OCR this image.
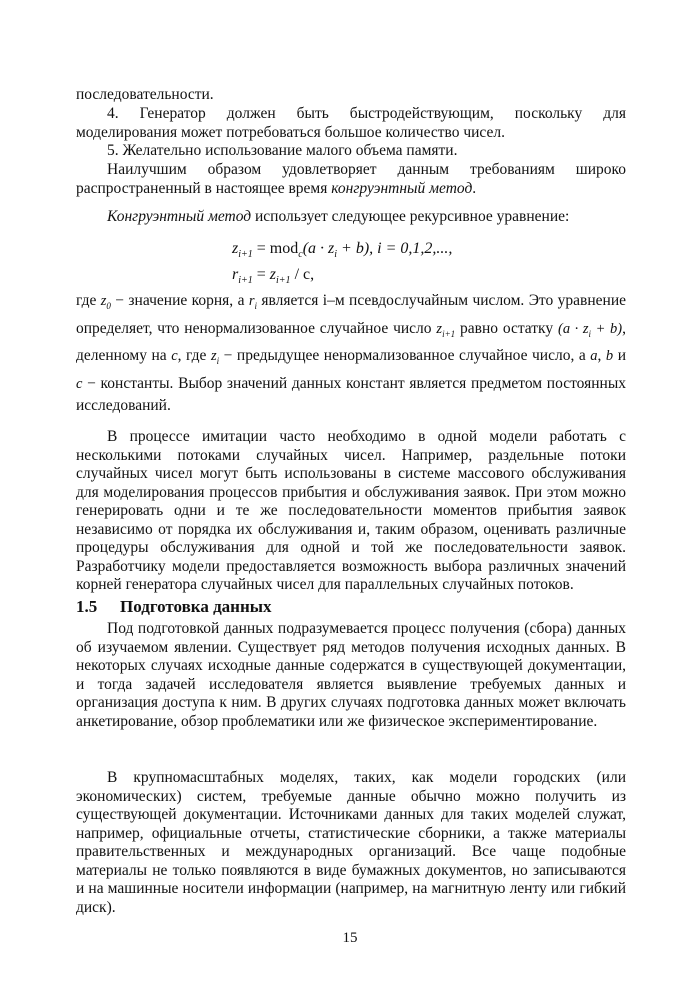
последовательности.

4. Генератор должен быть быстродействующим, поскольку для моделирования может потребоваться большое количество чисел.

5. Желательно использование малого объема памяти.

Наилучшим образом удовлетворяет данным требованиям широко распространенный в настоящее время конгруэнтный метод.

Конгруэнтный метод использует следующее рекурсивное уравнение:

$z_{i+1} = mod_c(a \cdot z_i + b)$, i = 0,1,2,...,
$r_{i+1} = z_{i+1} / c$,

где $z_0$ − значение корня, а $r_i$ является i–м псевдослучайным числом. Это уравнение определяет, что ненормализованное случайное число $z_{i+1}$ равно остатку $(a \cdot z_i + b)$, деленному на c, где $z_i$ − предыдущее ненормализованное случайное число, а a, b и c − константы. Выбор значений данных констант является предметом постоянных исследований.

В процессе имитации часто необходимо в одной модели работать с несколькими потоками случайных чисел. Например, раздельные потоки случайных чисел могут быть использованы в системе массового обслуживания для моделирования процессов прибытия и обслуживания заявок. При этом можно генерировать одни и те же последовательности моментов прибытия заявок независимо от порядка их обслуживания и, таким образом, оценивать различные процедуры обслуживания для одной и той же последовательности заявок. Разработчику модели предоставляется возможность выбора различных значений корней генератора случайных чисел для параллельных случайных потоков.

1.5 Подготовка данных

Под подготовкой данных подразумевается процесс получения (сбора) данных об изучаемом явлении. Существует ряд методов получения исходных данных. В некоторых случаях исходные данные содержатся в существующей документации, и тогда задачей исследователя является выявление требуемых данных и организация доступа к ним. В других случаях подготовка данных может включать анкетирование, обзор проблематики или же физическое экспериментирование.

В крупномасштабных моделях, таких, как модели городских (или экономических) систем, требуемые данные обычно можно получить из существующей документации. Источниками данных для таких моделей служат, например, официальные отчеты, статистические сборники, а также материалы правительственных и международных организаций. Все чаще подобные материалы не только появляются в виде бумажных документов, но записываются и на машинные носители информации (например, на магнитную ленту или гибкий диск).

15
